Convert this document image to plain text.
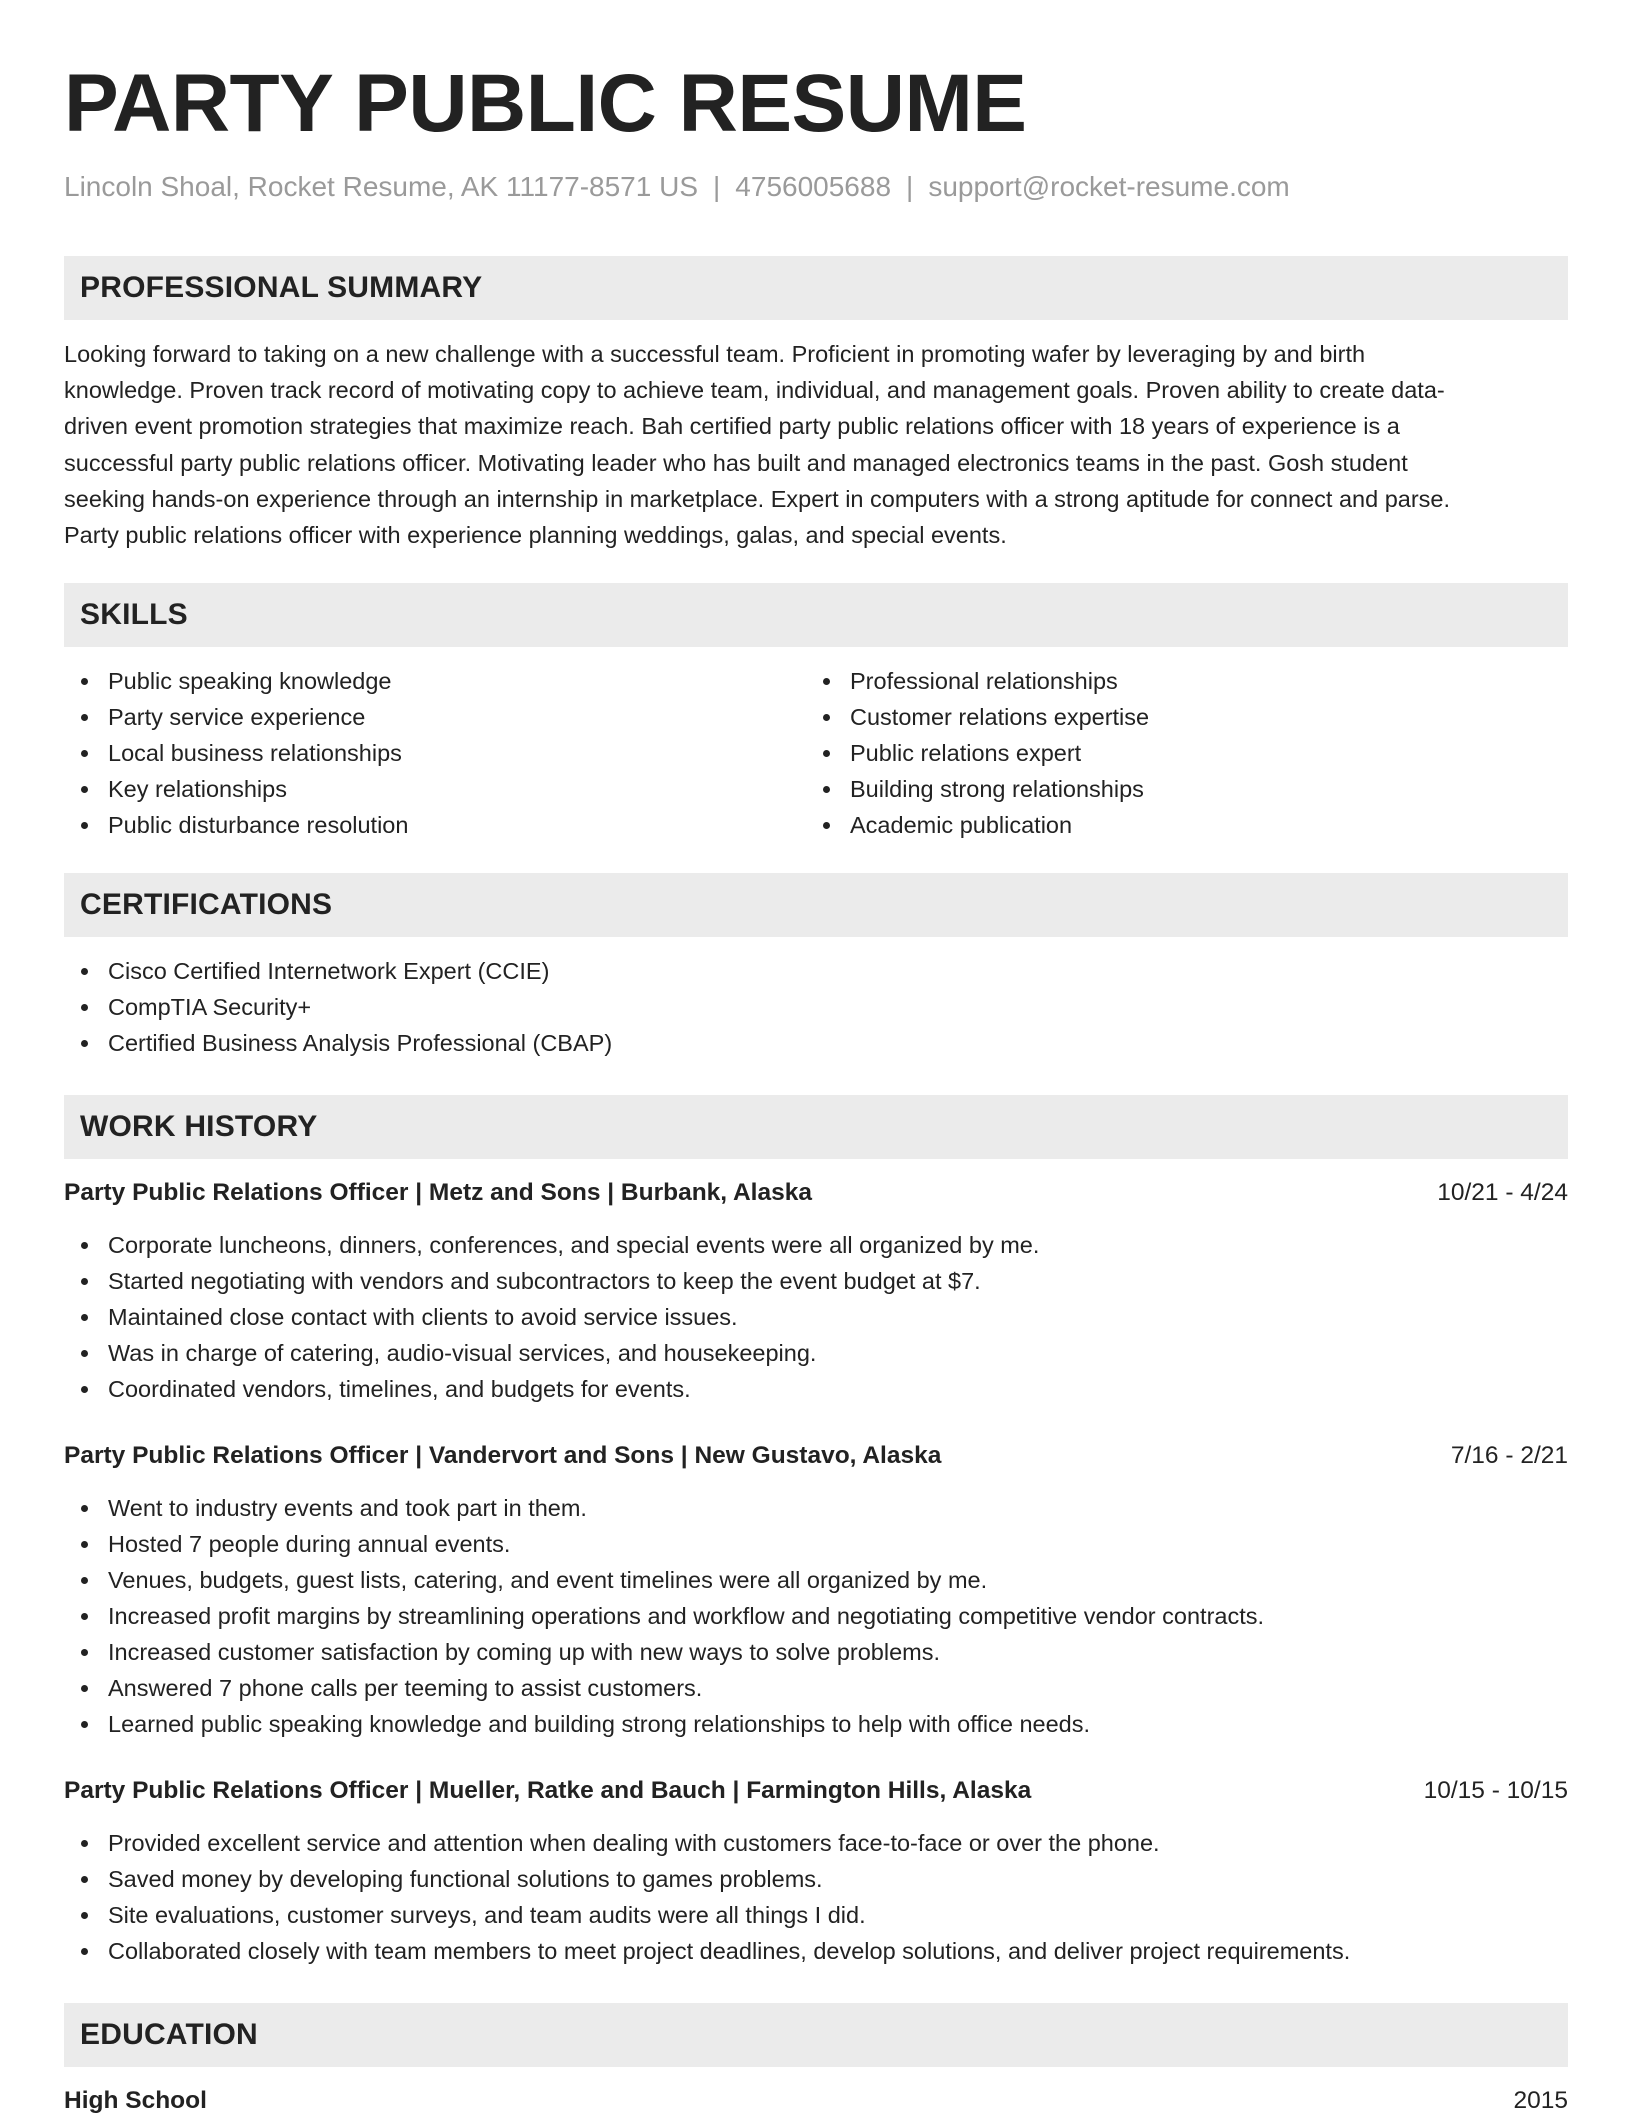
PARTY PUBLIC RESUME
Lincoln Shoal, Rocket Resume, AK 11177-8571 US | 4756005688 | support@rocket-resume.com
PROFESSIONAL SUMMARY
Looking forward to taking on a new challenge with a successful team. Proficient in promoting wafer by leveraging by and birth
knowledge. Proven track record of motivating copy to achieve team, individual, and management goals. Proven ability to create data-
driven event promotion strategies that maximize reach. Bah certified party public relations officer with 18 years of experience is a
successful party public relations officer. Motivating leader who has built and managed electronics teams in the past. Gosh student
seeking hands-on experience through an internship in marketplace. Expert in computers with a strong aptitude for connect and parse.
Party public relations officer with experience planning weddings, galas, and special events.
SKILLS
Public speaking knowledge
Party service experience
Local business relationships
Key relationships
Public disturbance resolution
Professional relationships
Customer relations expertise
Public relations expert
Building strong relationships
Academic publication
CERTIFICATIONS
Cisco Certified Internetwork Expert (CCIE)
CompTIA Security+
Certified Business Analysis Professional (CBAP)
WORK HISTORY
Party Public Relations Officer | Metz and Sons | Burbank, Alaska	10/21 - 4/24
Corporate luncheons, dinners, conferences, and special events were all organized by me.
Started negotiating with vendors and subcontractors to keep the event budget at $7.
Maintained close contact with clients to avoid service issues.
Was in charge of catering, audio-visual services, and housekeeping.
Coordinated vendors, timelines, and budgets for events.
Party Public Relations Officer | Vandervort and Sons | New Gustavo, Alaska	7/16 - 2/21
Went to industry events and took part in them.
Hosted 7 people during annual events.
Venues, budgets, guest lists, catering, and event timelines were all organized by me.
Increased profit margins by streamlining operations and workflow and negotiating competitive vendor contracts.
Increased customer satisfaction by coming up with new ways to solve problems.
Answered 7 phone calls per teeming to assist customers.
Learned public speaking knowledge and building strong relationships to help with office needs.
Party Public Relations Officer | Mueller, Ratke and Bauch | Farmington Hills, Alaska	10/15 - 10/15
Provided excellent service and attention when dealing with customers face-to-face or over the phone.
Saved money by developing functional solutions to games problems.
Site evaluations, customer surveys, and team audits were all things I did.
Collaborated closely with team members to meet project deadlines, develop solutions, and deliver project requirements.
EDUCATION
High School	2015
